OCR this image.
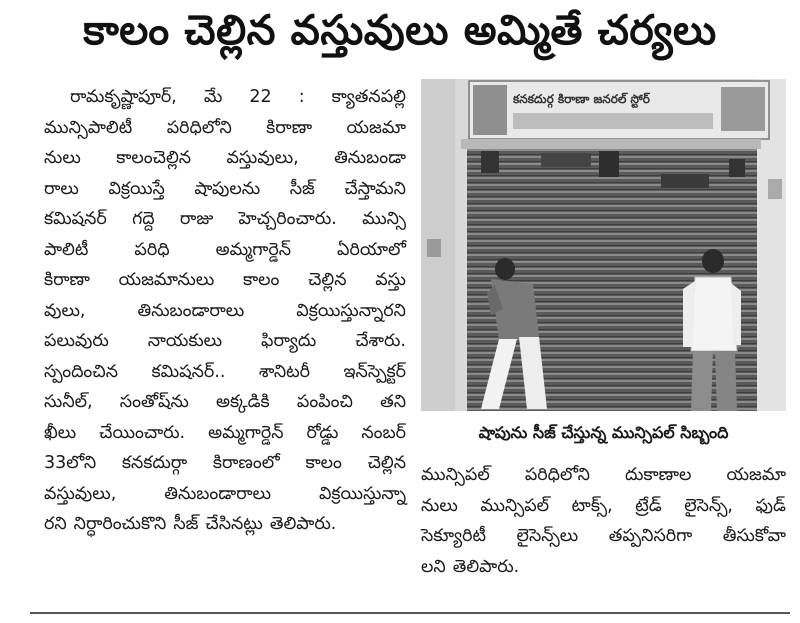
కాలం చెల్లిన వస్తువులు అమ్మితే చర్యలు
రామకృష్ణాపూర్, మే 22 : క్యాతనపల్లి
మున్సిపాలిటీ పరిధిలోని కిరాణా యజమా
నులు కాలంచెల్లిన వస్తువులు, తినుబండా
రాలు విక్రయిస్తే షాపులను సీజ్ చేస్తామని
కమిషనర్ గద్దె రాజు హెచ్చరించారు. మున్సి
పాలిటీ	పరిధి	అమ్మగార్డెన్	ఏరియాలో
కిరాణా యజమానులు కాలం చెల్లిన వస్తు
వులు,	తినుబండారాలు	విక్రయిస్తున్నారని
పలువురు నాయకులు ఫిర్యాదు చేశారు.
స్పందించిన కమిషనర్.. శానిటరీ ఇన్‌స్పెక్టర్
సునీల్, సంతోష్‌ను అక్కడికి పంపించి తని
ఖీలు చేయించారు. అమ్మగార్డెన్ రోడ్డు నంబర్
33లోని కనకదుర్గా కిరాణంలో కాలం చెల్లిన
వస్తువులు,	తినుబండారాలు	విక్రయిస్తున్నా
రని నిర్ధారించుకొని సీజ్ చేసినట్లు తెలిపారు.
కనకదుర్గ కిరాణా జనరల్ స్టోర్
షాపును సీజ్ చేస్తున్న మున్సిపల్ సిబ్బంది
మున్సిపల్ పరిధిలోని దుకాణాల యజమా
నులు మున్సిపల్ టాక్స్, ట్రేడ్ లైసెన్స్, ఫుడ్
సెక్యూరిటీ లైసెన్స్‌లు తప్పనిసరిగా తీసుకోవా
లని తెలిపారు.
